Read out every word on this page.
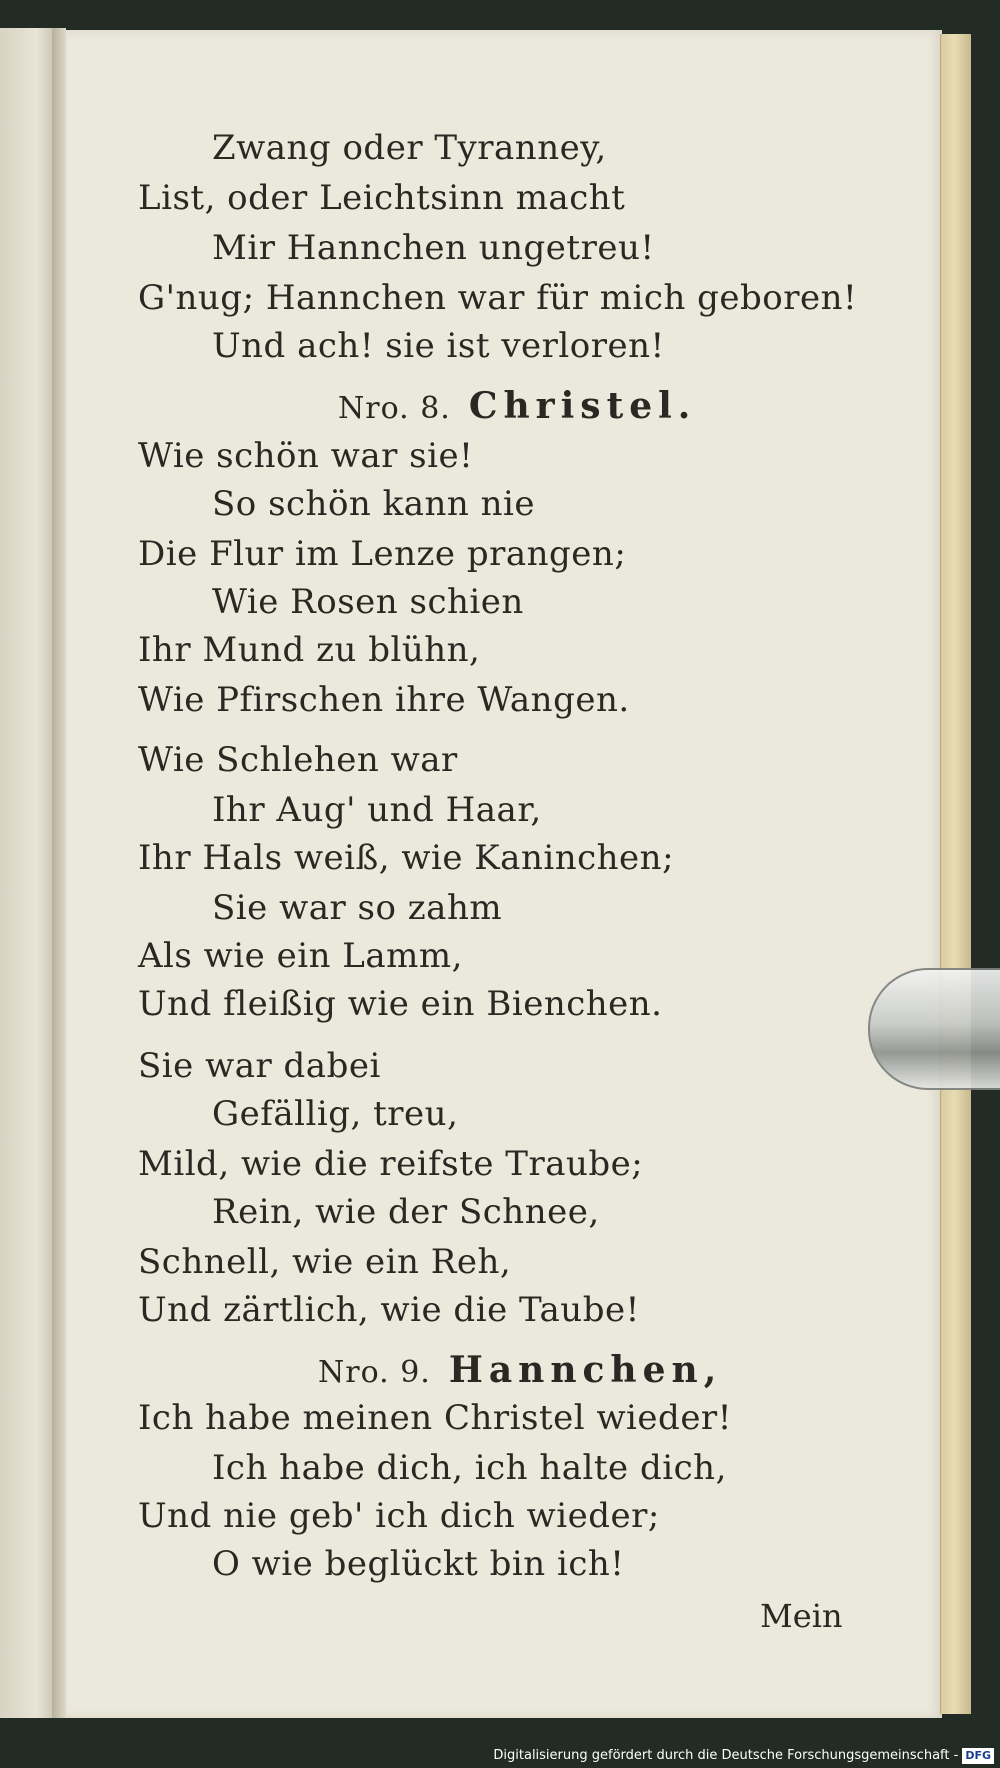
Zwang oder Tyranney,
List, oder Leichtsinn macht
Mir Hannchen ungetreu!
G'nug; Hannchen war für mich geboren!
Und ach! sie ist verloren!
Nro. 8. Christel.
Wie schön war sie!
So schön kann nie
Die Flur im Lenze prangen;
Wie Rosen schien
Ihr Mund zu blühn,
Wie Pfirschen ihre Wangen.
Wie Schlehen war
Ihr Aug' und Haar,
Ihr Hals weiß, wie Kaninchen;
Sie war so zahm
Als wie ein Lamm,
Und fleißig wie ein Bienchen.
Sie war dabei
Gefällig, treu,
Mild, wie die reifste Traube;
Rein, wie der Schnee,
Schnell, wie ein Reh,
Und zärtlich, wie die Taube!
Nro. 9. Hannchen,
Ich habe meinen Christel wieder!
Ich habe dich, ich halte dich,
Und nie geb' ich dich wieder;
O wie beglückt bin ich!
Mein
Digitalisierung gefördert durch die Deutsche Forschungsgemeinschaft - DFG
